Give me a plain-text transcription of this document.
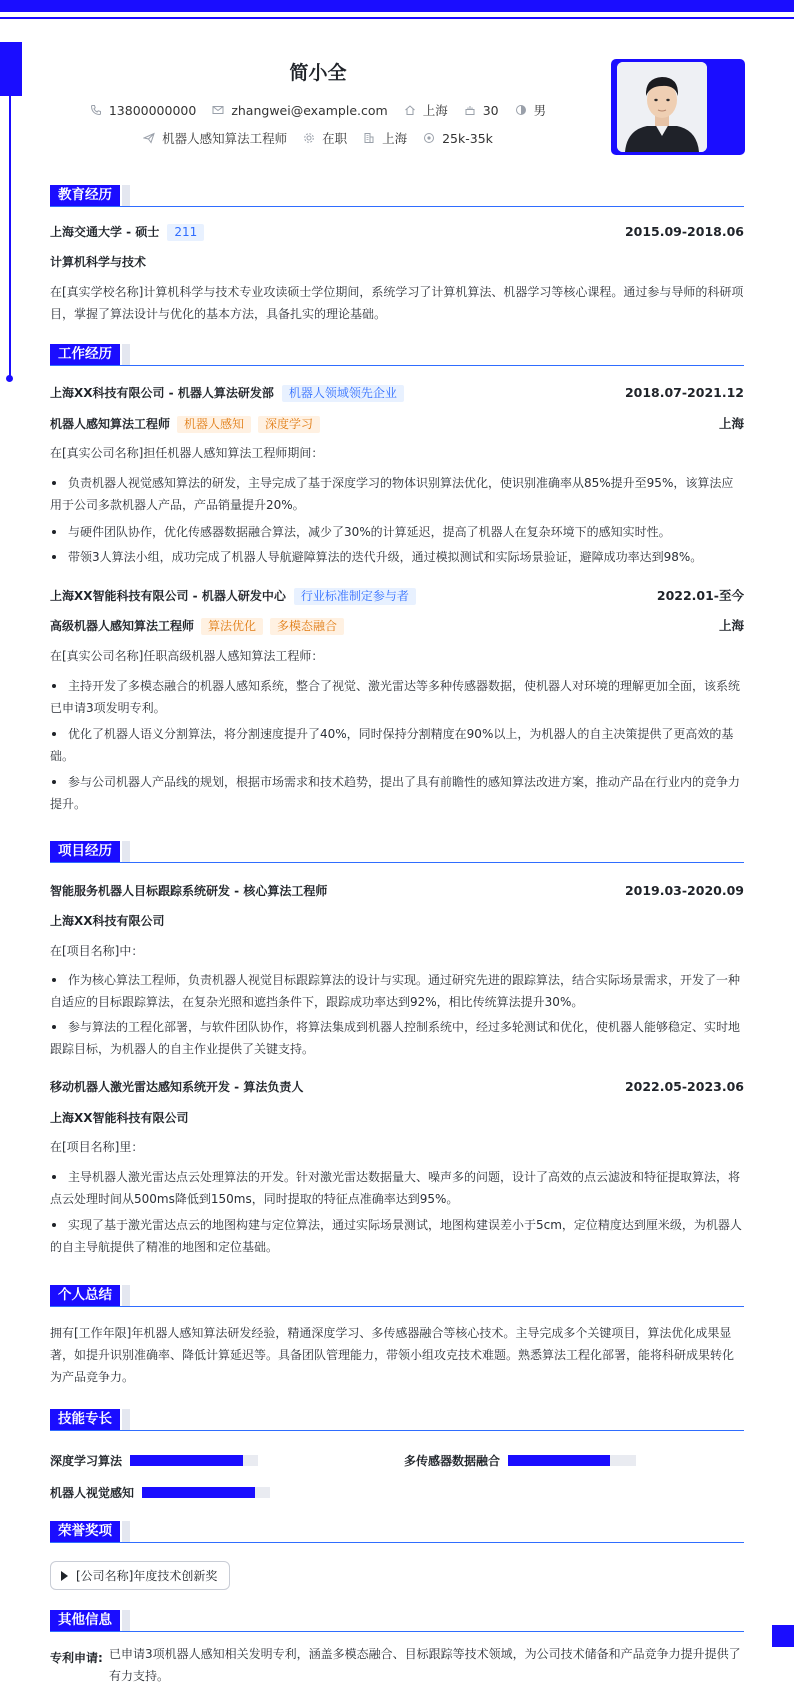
简小全
13800000000	zhangwei@example.com	上海	30	男
机器人感知算法工程师	在职	上海	25k-35k
教育经历
上海交通大学 - 硕士 211	2015.09-2018.06
计算机科学与技术
在[真实学校名称]计算机科学与技术专业攻读硕士学位期间，系统学习了计算机算法、机器学习等核心课程。通过参与导师的科研项目，掌握了算法设计与优化的基本方法，具备扎实的理论基础。
工作经历
上海XX科技有限公司 - 机器人算法研发部 机器人领域领先企业	2018.07-2021.12
机器人感知算法工程师 机器人感知 深度学习	上海
在[真实公司名称]担任机器人感知算法工程师期间：
负责机器人视觉感知算法的研发，主导完成了基于深度学习的物体识别算法优化，使识别准确率从85%提升至95%，该算法应用于公司多款机器人产品，产品销量提升20%。
与硬件团队协作，优化传感器数据融合算法，减少了30%的计算延迟，提高了机器人在复杂环境下的感知实时性。
带领3人算法小组，成功完成了机器人导航避障算法的迭代升级，通过模拟测试和实际场景验证，避障成功率达到98%。
上海XX智能科技有限公司 - 机器人研发中心 行业标准制定参与者	2022.01-至今
高级机器人感知算法工程师 算法优化 多模态融合	上海
在[真实公司名称]任职高级机器人感知算法工程师：
主持开发了多模态融合的机器人感知系统，整合了视觉、激光雷达等多种传感器数据，使机器人对环境的理解更加全面，该系统已申请3项发明专利。
优化了机器人语义分割算法，将分割速度提升了40%，同时保持分割精度在90%以上，为机器人的自主决策提供了更高效的基础。
参与公司机器人产品线的规划，根据市场需求和技术趋势，提出了具有前瞻性的感知算法改进方案，推动产品在行业内的竞争力提升。
项目经历
智能服务机器人目标跟踪系统研发 - 核心算法工程师	2019.03-2020.09
上海XX科技有限公司
在[项目名称]中：
作为核心算法工程师，负责机器人视觉目标跟踪算法的设计与实现。通过研究先进的跟踪算法，结合实际场景需求，开发了一种自适应的目标跟踪算法，在复杂光照和遮挡条件下，跟踪成功率达到92%，相比传统算法提升30%。
参与算法的工程化部署，与软件团队协作，将算法集成到机器人控制系统中，经过多轮测试和优化，使机器人能够稳定、实时地跟踪目标，为机器人的自主作业提供了关键支持。
移动机器人激光雷达感知系统开发 - 算法负责人	2022.05-2023.06
上海XX智能科技有限公司
在[项目名称]里：
主导机器人激光雷达点云处理算法的开发。针对激光雷达数据量大、噪声多的问题，设计了高效的点云滤波和特征提取算法，将点云处理时间从500ms降低到150ms，同时提取的特征点准确率达到95%。
实现了基于激光雷达点云的地图构建与定位算法，通过实际场景测试，地图构建误差小于5cm，定位精度达到厘米级，为机器人的自主导航提供了精准的地图和定位基础。
个人总结
拥有[工作年限]年机器人感知算法研发经验，精通深度学习、多传感器融合等核心技术。主导完成多个关键项目，算法优化成果显著，如提升识别准确率、降低计算延迟等。具备团队管理能力，带领小组攻克技术难题。熟悉算法工程化部署，能将科研成果转化为产品竞争力。
技能专长
深度学习算法	多传感器数据融合
机器人视觉感知
荣誉奖项
[公司名称]年度技术创新奖
其他信息
专利申请: 已申请3项机器人感知相关发明专利，涵盖多模态融合、目标跟踪等技术领域，为公司技术储备和产品竞争力提升提供了有力支持。
